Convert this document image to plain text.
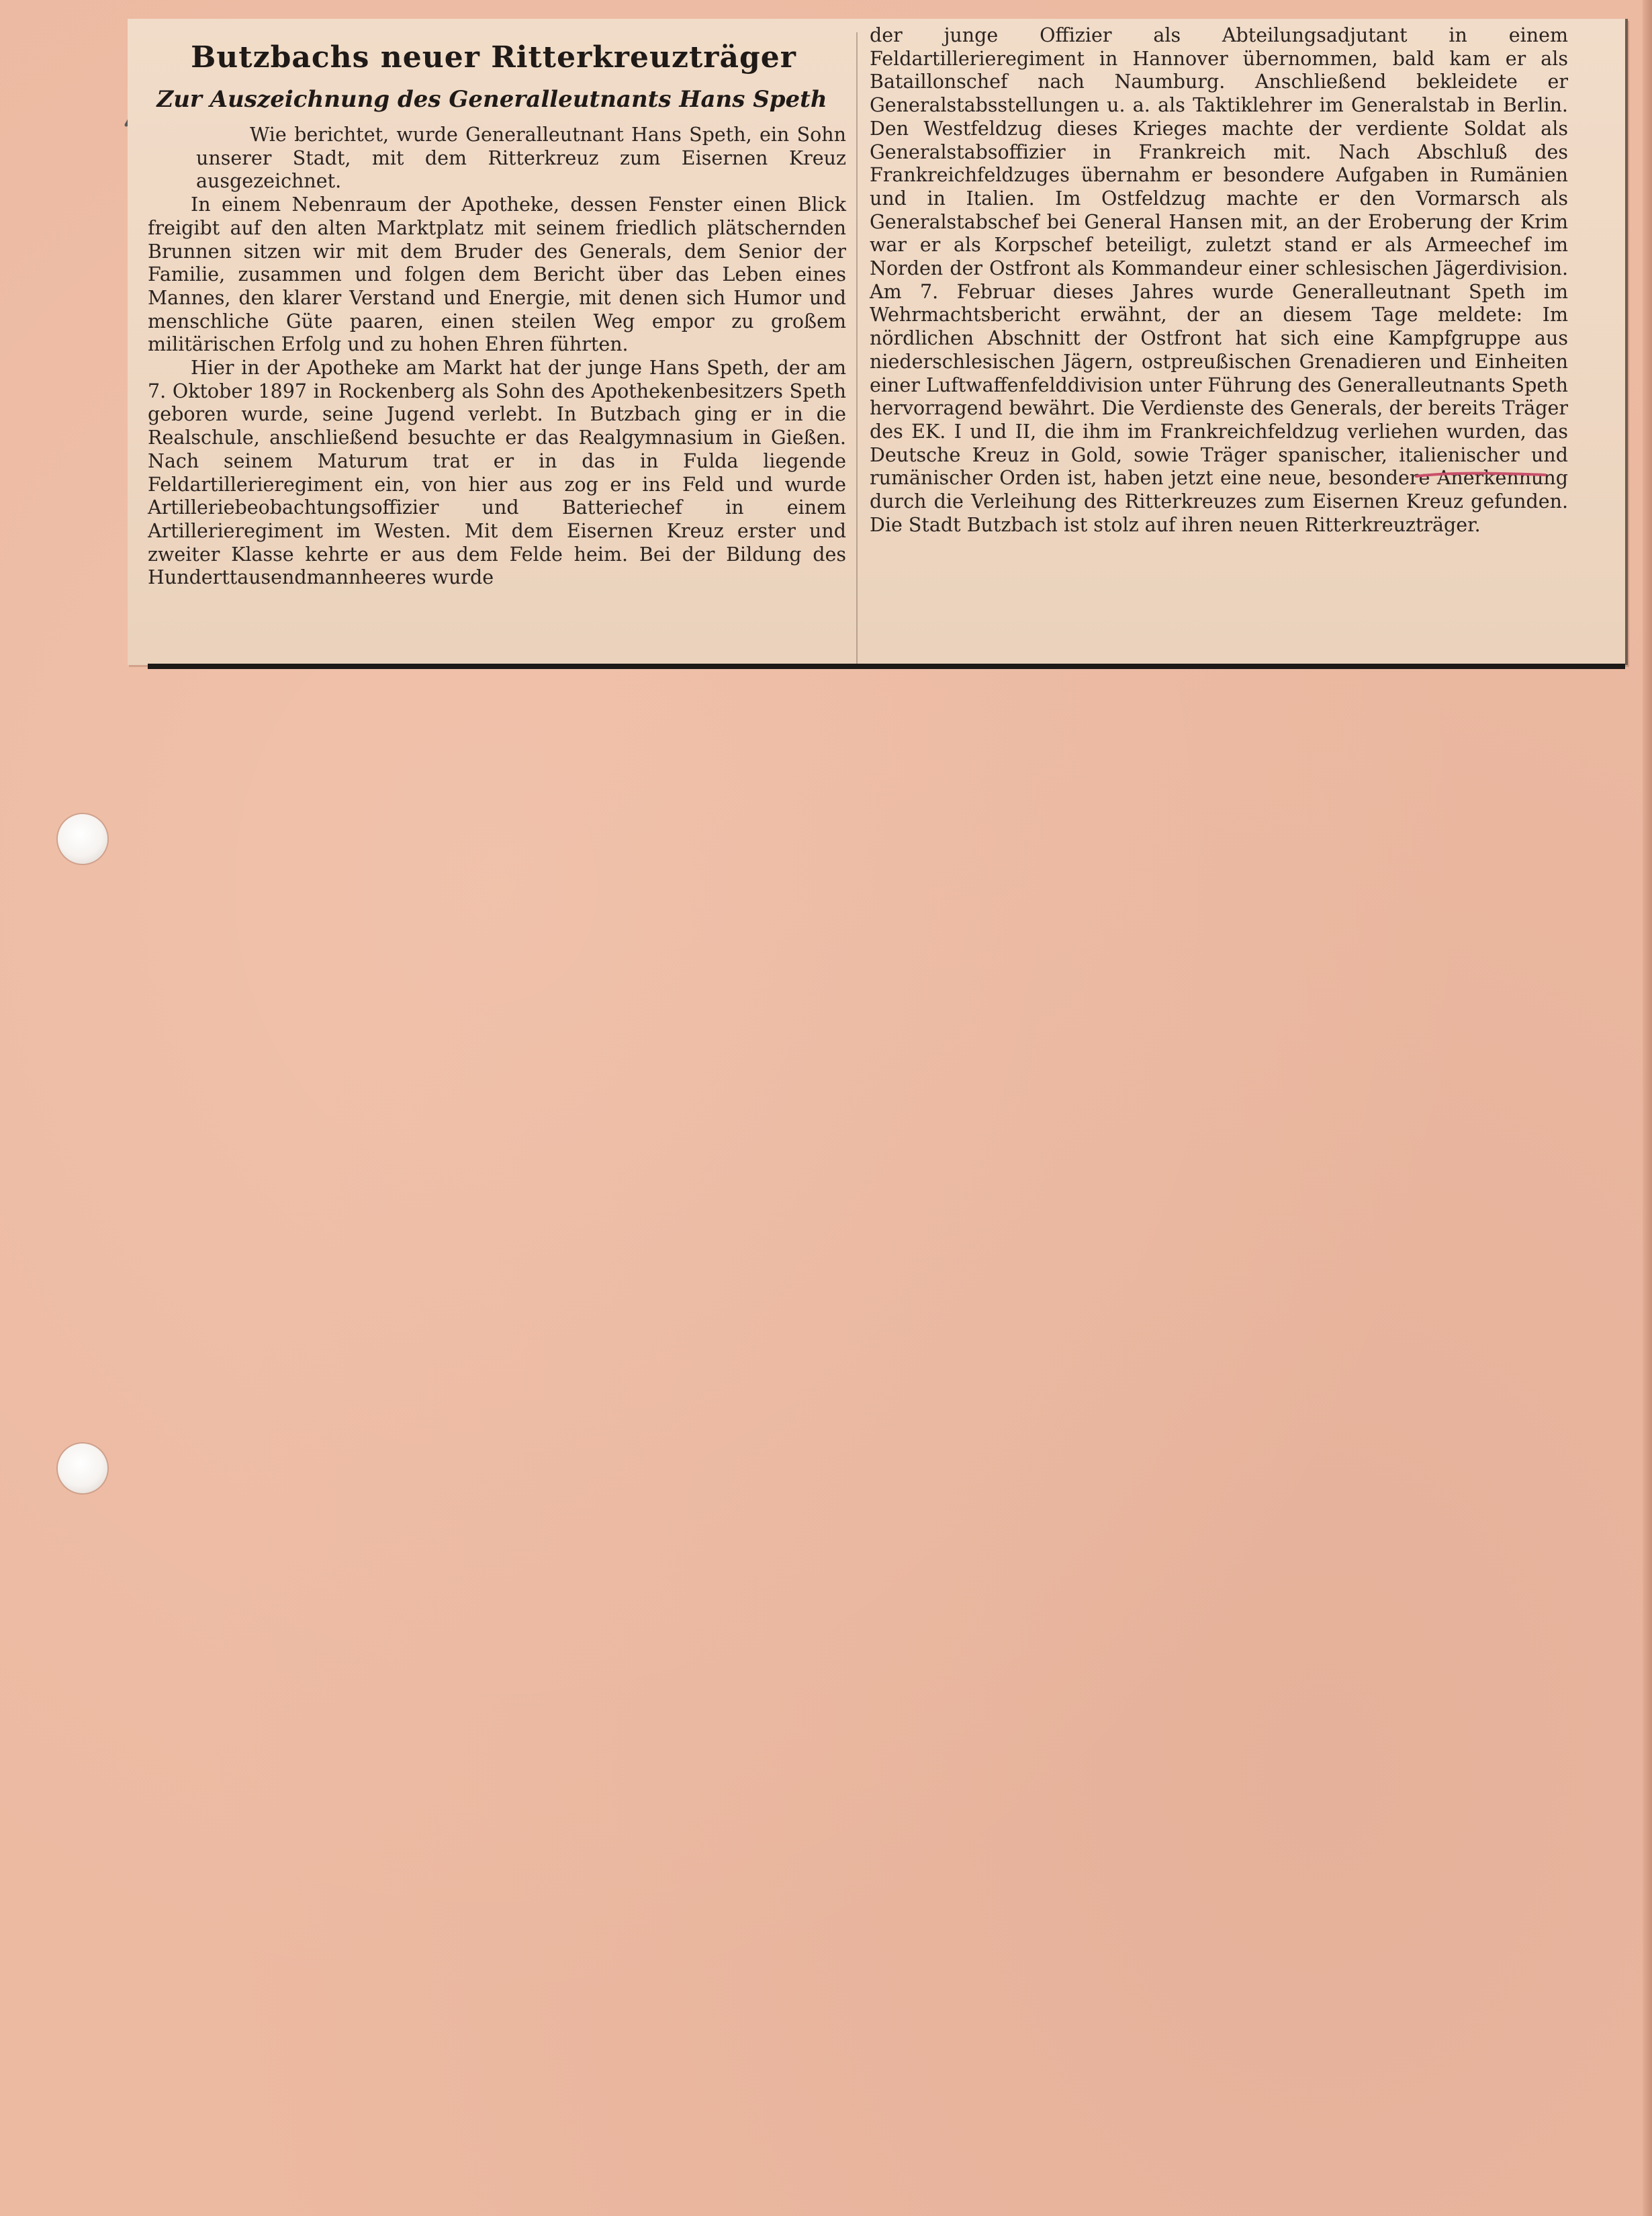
Butzbachs neuer Ritterkreuzträger
Zur Auszeichnung des Generalleutnants Hans Speth

Wie berichtet, wurde Generalleutnant Hans Speth, ein Sohn unserer Stadt, mit dem Ritterkreuz zum Eisernen Kreuz ausgezeichnet.

In einem Nebenraum der Apotheke, dessen Fenster einen Blick freigibt auf den alten Marktplatz mit seinem friedlich plätschernden Brunnen sitzen wir mit dem Bruder des Generals, dem Senior der Familie, zusammen und folgen dem Bericht über das Leben eines Mannes, den klarer Verstand und Energie, mit denen sich Humor und menschliche Güte paaren, einen steilen Weg empor zu großem militärischen Erfolg und zu hohen Ehren führten.

Hier in der Apotheke am Markt hat der junge Hans Speth, der am 7. Oktober 1897 in Rockenberg als Sohn des Apothekenbesitzers Speth geboren wurde, seine Jugend verlebt. In Butzbach ging er in die Realschule, anschließend besuchte er das Realgymnasium in Gießen. Nach seinem Maturum trat er in das in Fulda liegende Feldartillerieregiment ein, von hier aus zog er ins Feld und wurde Artilleriebeobachtungsoffizier und Batteriechef in einem Artillerieregiment im Westen. Mit dem Eisernen Kreuz erster und zweiter Klasse kehrte er aus dem Felde heim. Bei der Bildung des Hunderttausendmannheeres wurde

der junge Offizier als Abteilungsadjutant in einem Feldartillerieregiment in Hannover übernommen, bald kam er als Bataillonschef nach Naumburg. Anschließend bekleidete er Generalstabsstellungen u. a. als Taktiklehrer im Generalstab in Berlin. Den Westfeldzug dieses Krieges machte der verdiente Soldat als Generalstabsoffizier in Frankreich mit. Nach Abschluß des Frankreichfeldzuges übernahm er besondere Aufgaben in Rumänien und in Italien. Im Ostfeldzug machte er den Vormarsch als Generalstabschef bei General Hansen mit, an der Eroberung der Krim war er als Korpschef beteiligt, zuletzt stand er als Armeechef im Norden der Ostfront als Kommandeur einer schlesischen Jägerdivision. Am 7. Februar dieses Jahres wurde Generalleutnant Speth im Wehrmachtsbericht erwähnt, der an diesem Tage meldete: Im nördlichen Abschnitt der Ostfront hat sich eine Kampfgruppe aus niederschlesischen Jägern, ostpreußischen Grenadieren und Einheiten einer Luftwaffenfelddivision unter Führung des Generalleutnants Speth hervorragend bewährt. Die Verdienste des Generals, der bereits Träger des EK. I und II, die ihm im Frankreichfeldzug verliehen wurden, das Deutsche Kreuz in Gold, sowie Träger spanischer, italienischer und rumänischer Orden ist, haben jetzt eine neue, besondere Anerkennung durch die Verleihung des Ritterkreuzes zum Eisernen Kreuz gefunden. Die Stadt Butzbach ist stolz auf ihren neuen Ritterkreuzträger.
